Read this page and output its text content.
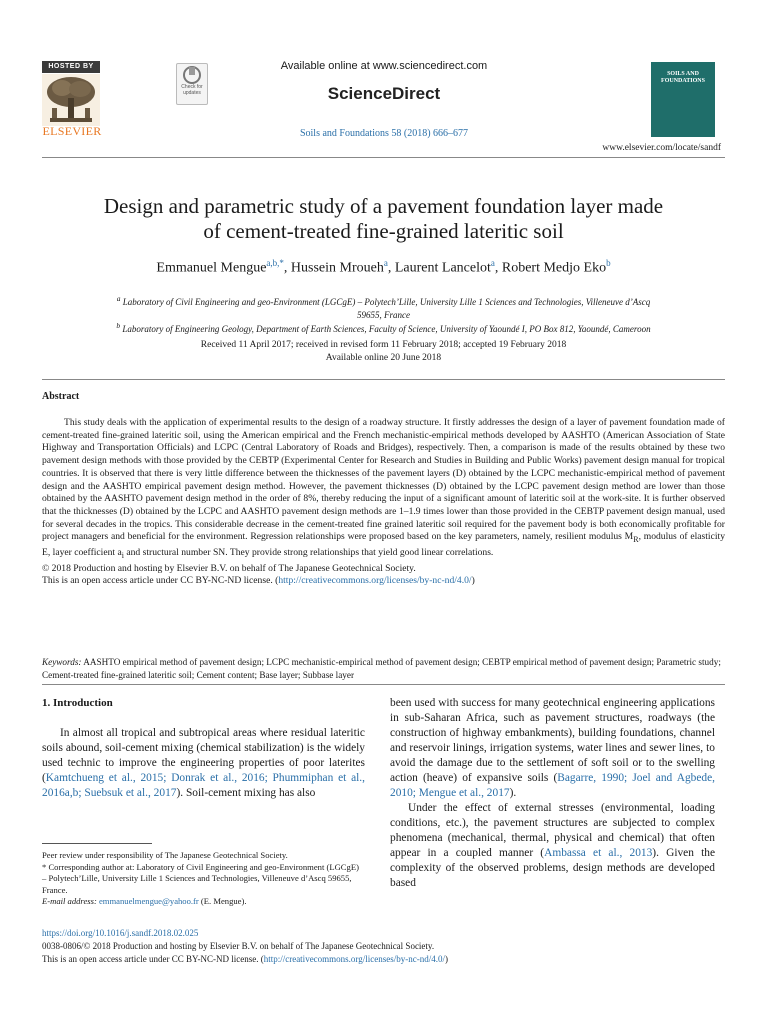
HOSTED BY
ELSEVIER
Check for updates
Available online at www.sciencedirect.com
ScienceDirect
Soils and Foundations 58 (2018) 666–677
SOILS AND FOUNDATIONS
www.elsevier.com/locate/sandf
Design and parametric study of a pavement foundation layer made
of cement-treated fine-grained lateritic soil
Emmanuel Mengue$^{a,b,*}$, Hussein Mroueh$^a$, Laurent Lancelot$^a$, Robert Medjo Eko$^b$
$^a$ Laboratory of Civil Engineering and geo-Environment (LGCgE) – Polytech’Lille, University Lille 1 Sciences and Technologies, Villeneuve d’Ascq
59655, France
$^b$ Laboratory of Engineering Geology, Department of Earth Sciences, Faculty of Science, University of Yaoundé I, PO Box 812, Yaoundé, Cameroon
Received 11 April 2017; received in revised form 11 February 2018; accepted 19 February 2018
Available online 20 June 2018
Abstract

This study deals with the application of experimental results to the design of a roadway structure. It firstly addresses the design of a layer of pavement foundation made of cement-treated fine-grained lateritic soil, using the American empirical and the French mechanistic-empirical methods developed by AASHTO (American Association of State Highway and Transportation Officials) and LCPC (Central Laboratory of Roads and Bridges), respectively. Then, a comparison is made of the results obtained by these two pavement design methods with those provided by the CEBTP (Experimental Center for Research and Studies in Building and Public Works) pavement design manual for tropical countries. It is observed that there is very little difference between the thicknesses of the pavement layers (D) obtained by the LCPC mechanistic-empirical method of pavement design and the AASHTO empirical pavement design method. However, the pavement thicknesses (D) obtained by the LCPC pavement design method are lower than those obtained by the AASHTO pavement design method in the order of 8%, thereby reducing the input of a significant amount of lateritic soil at the work-site. It is further observed that the thicknesses (D) obtained by the LCPC and AASHTO pavement design methods are 1–1.9 times lower than those provided in the CEBTP pavement design manual, used for several decades in the tropics. This considerable decrease in the cement-treated fine grained lateritic soil required for the pavement body is both economically profitable for project managers and beneficial for the environment. Regression relationships were proposed based on the key parameters, namely, resilient modulus $M_R$, modulus of elasticity E, layer coefficient $a_i$ and structural number SN. They provide strong relationships that yield good linear correlations.

© 2018 Production and hosting by Elsevier B.V. on behalf of The Japanese Geotechnical Society.

This is an open access article under CC BY-NC-ND license. (http://creativecommons.org/licenses/by-nc-nd/4.0/)

Keywords: AASHTO empirical method of pavement design; LCPC mechanistic-empirical method of pavement design; CEBTP empirical method of pavement design; Parametric study; Cement-treated fine-grained lateritic soil; Cement content; Base layer; Subbase layer
1. Introduction

In almost all tropical and subtropical areas where residual lateritic soils abound, soil-cement mixing (chemical stabilization) is the widely used technic to improve the engineering properties of poor laterites (Kamtchueng et al., 2015; Donrak et al., 2016; Phummiphan et al., 2016a,b; Suebsuk et al., 2017). Soil-cement mixing has also

been used with success for many geotechnical engineering applications in sub-Saharan Africa, such as pavement structures, roadways (the construction of highway embankments), building foundations, channel and reservoir linings, irrigation systems, water lines and sewer lines, to avoid the damage due to the settlement of soft soil or to the swelling action (heave) of expansive soils (Bagarre, 1990; Joel and Agbede, 2010; Mengue et al., 2017).

Under the effect of external stresses (environmental, loading conditions, etc.), the pavement structures are subjected to complex phenomena (mechanical, thermal, physical and chemical) that often appear in a coupled manner (Ambassa et al., 2013). Given the complexity of the observed problems, design methods are developed based

Peer review under responsibility of The Japanese Geotechnical Society.

* Corresponding author at: Laboratory of Civil Engineering and geo-Environment (LGCgE) – Polytech’Lille, University Lille 1 Sciences and Technologies, Villeneuve d’Ascq 59655, France.

E-mail address: emmanuelmengue@yahoo.fr (E. Mengue).

https://doi.org/10.1016/j.sandf.2018.02.025
0038-0806/© 2018 Production and hosting by Elsevier B.V. on behalf of The Japanese Geotechnical Society.
This is an open access article under CC BY-NC-ND license. (http://creativecommons.org/licenses/by-nc-nd/4.0/)
